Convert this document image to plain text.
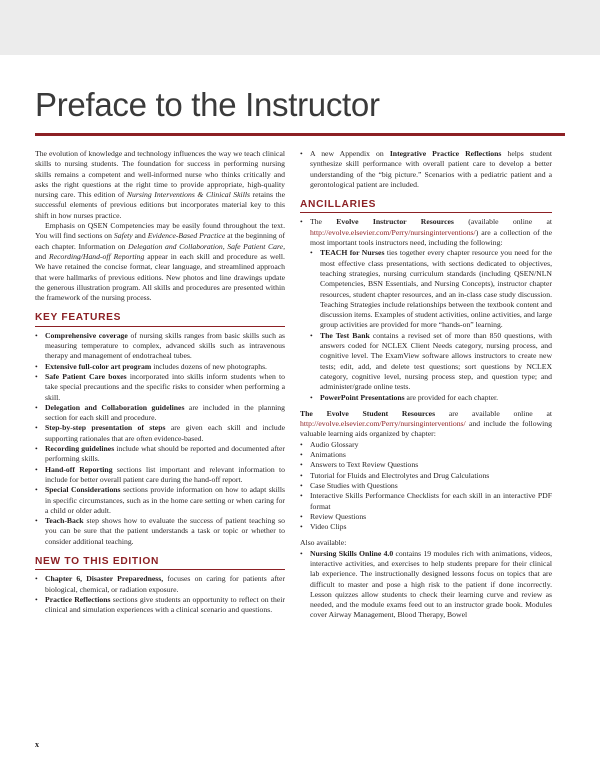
Preface to the Instructor

The evolution of knowledge and technology influences the way we teach clinical skills to nursing students. The foundation for success in performing nursing skills remains a competent and well-informed nurse who thinks critically and asks the right questions at the right time to provide appropriate, high-quality nursing care. This edition of Nursing Interventions & Clinical Skills retains the successful elements of previous editions but incorporates material key to this shift in how nurses practice.

Emphasis on QSEN Competencies may be easily found throughout the text. You will find sections on Safety and Evidence-Based Practice at the beginning of each chapter. Information on Delegation and Collaboration, Safe Patient Care, and Recording/Hand-off Reporting appear in each skill and procedure as well. We have retained the concise format, clear language, and streamlined approach that were hallmarks of previous editions. New photos and line drawings update the generous illustration program. All skills and procedures are presented within the framework of the nursing process.

KEY FEATURES
• Comprehensive coverage of nursing skills ranges from basic skills such as measuring temperature to complex, advanced skills such as intravenous therapy and management of endotracheal tubes.
• Extensive full-color art program includes dozens of new photographs.
• Safe Patient Care boxes incorporated into skills inform students when to take special precautions and the specific risks to consider when performing a skill.
• Delegation and Collaboration guidelines are included in the planning section for each skill and procedure.
• Step-by-step presentation of steps are given each skill and include supporting rationales that are often evidence-based.
• Recording guidelines include what should be reported and documented after performing skills.
• Hand-off Reporting sections list important and relevant information to include for better overall patient care during the hand-off report.
• Special Considerations sections provide information on how to adapt skills in specific circumstances, such as in the home care setting or when caring for a child or older adult.
• Teach-Back step shows how to evaluate the success of patient teaching so you can be sure that the patient understands a task or topic or whether to consider additional teaching.
NEW TO THIS EDITION
• Chapter 6, Disaster Preparedness, focuses on caring for patients after biological, chemical, or radiation exposure.
• Practice Reflections sections give students an opportunity to reflect on their clinical and simulation experiences with a clinical scenario and questions.
• A new Appendix on Integrative Practice Reflections helps student synthesize skill performance with overall patient care to develop a better understanding of the “big picture.” Scenarios with a pediatric patient and a gerontological patient are included.
ANCILLARIES
• The Evolve Instructor Resources (available online at http://evolve.elsevier.com/Perry/nursinginterventions/) are a collection of the most important tools instructors need, including the following:
• TEACH for Nurses ties together every chapter resource you need for the most effective class presentations, with sections dedicated to objectives, teaching strategies, nursing curriculum standards (including QSEN/NLN Competencies, BSN Essentials, and Nursing Concepts), instructor chapter resources, student chapter resources, and an in-class case study discussion. Teaching Strategies include relationships between the textbook content and discussion items. Examples of student activities, online activities, and large group activities are provided for more “hands-on” learning.
• The Test Bank contains a revised set of more than 850 questions, with answers coded for NCLEX Client Needs category, nursing process, and cognitive level. The ExamView software allows instructors to create new tests; edit, add, and delete test questions; sort questions by NCLEX category, cognitive level, nursing process step, and question type; and administer/grade online tests.
• PowerPoint Presentations are provided for each chapter.

The Evolve Student Resources are available online at http://evolve.elsevier.com/Perry/nursinginterventions/ and include the following valuable learning aids organized by chapter:

• Audio Glossary
• Animations
• Answers to Text Review Questions
• Tutorial for Fluids and Electrolytes and Drug Calculations
• Case Studies with Questions
• Interactive Skills Performance Checklists for each skill in an interactive PDF format
• Review Questions
• Video Clips

Also available:

• Nursing Skills Online 4.0 contains 19 modules rich with animations, videos, interactive activities, and exercises to help students prepare for their clinical lab experience. The instructionally designed lessons focus on topics that are difficult to master and pose a high risk to the patient if done incorrectly. Lesson quizzes allow students to check their learning curve and review as needed, and the module exams feed out to an instructor grade book. Modules cover Airway Management, Blood Therapy, Bowel
x
